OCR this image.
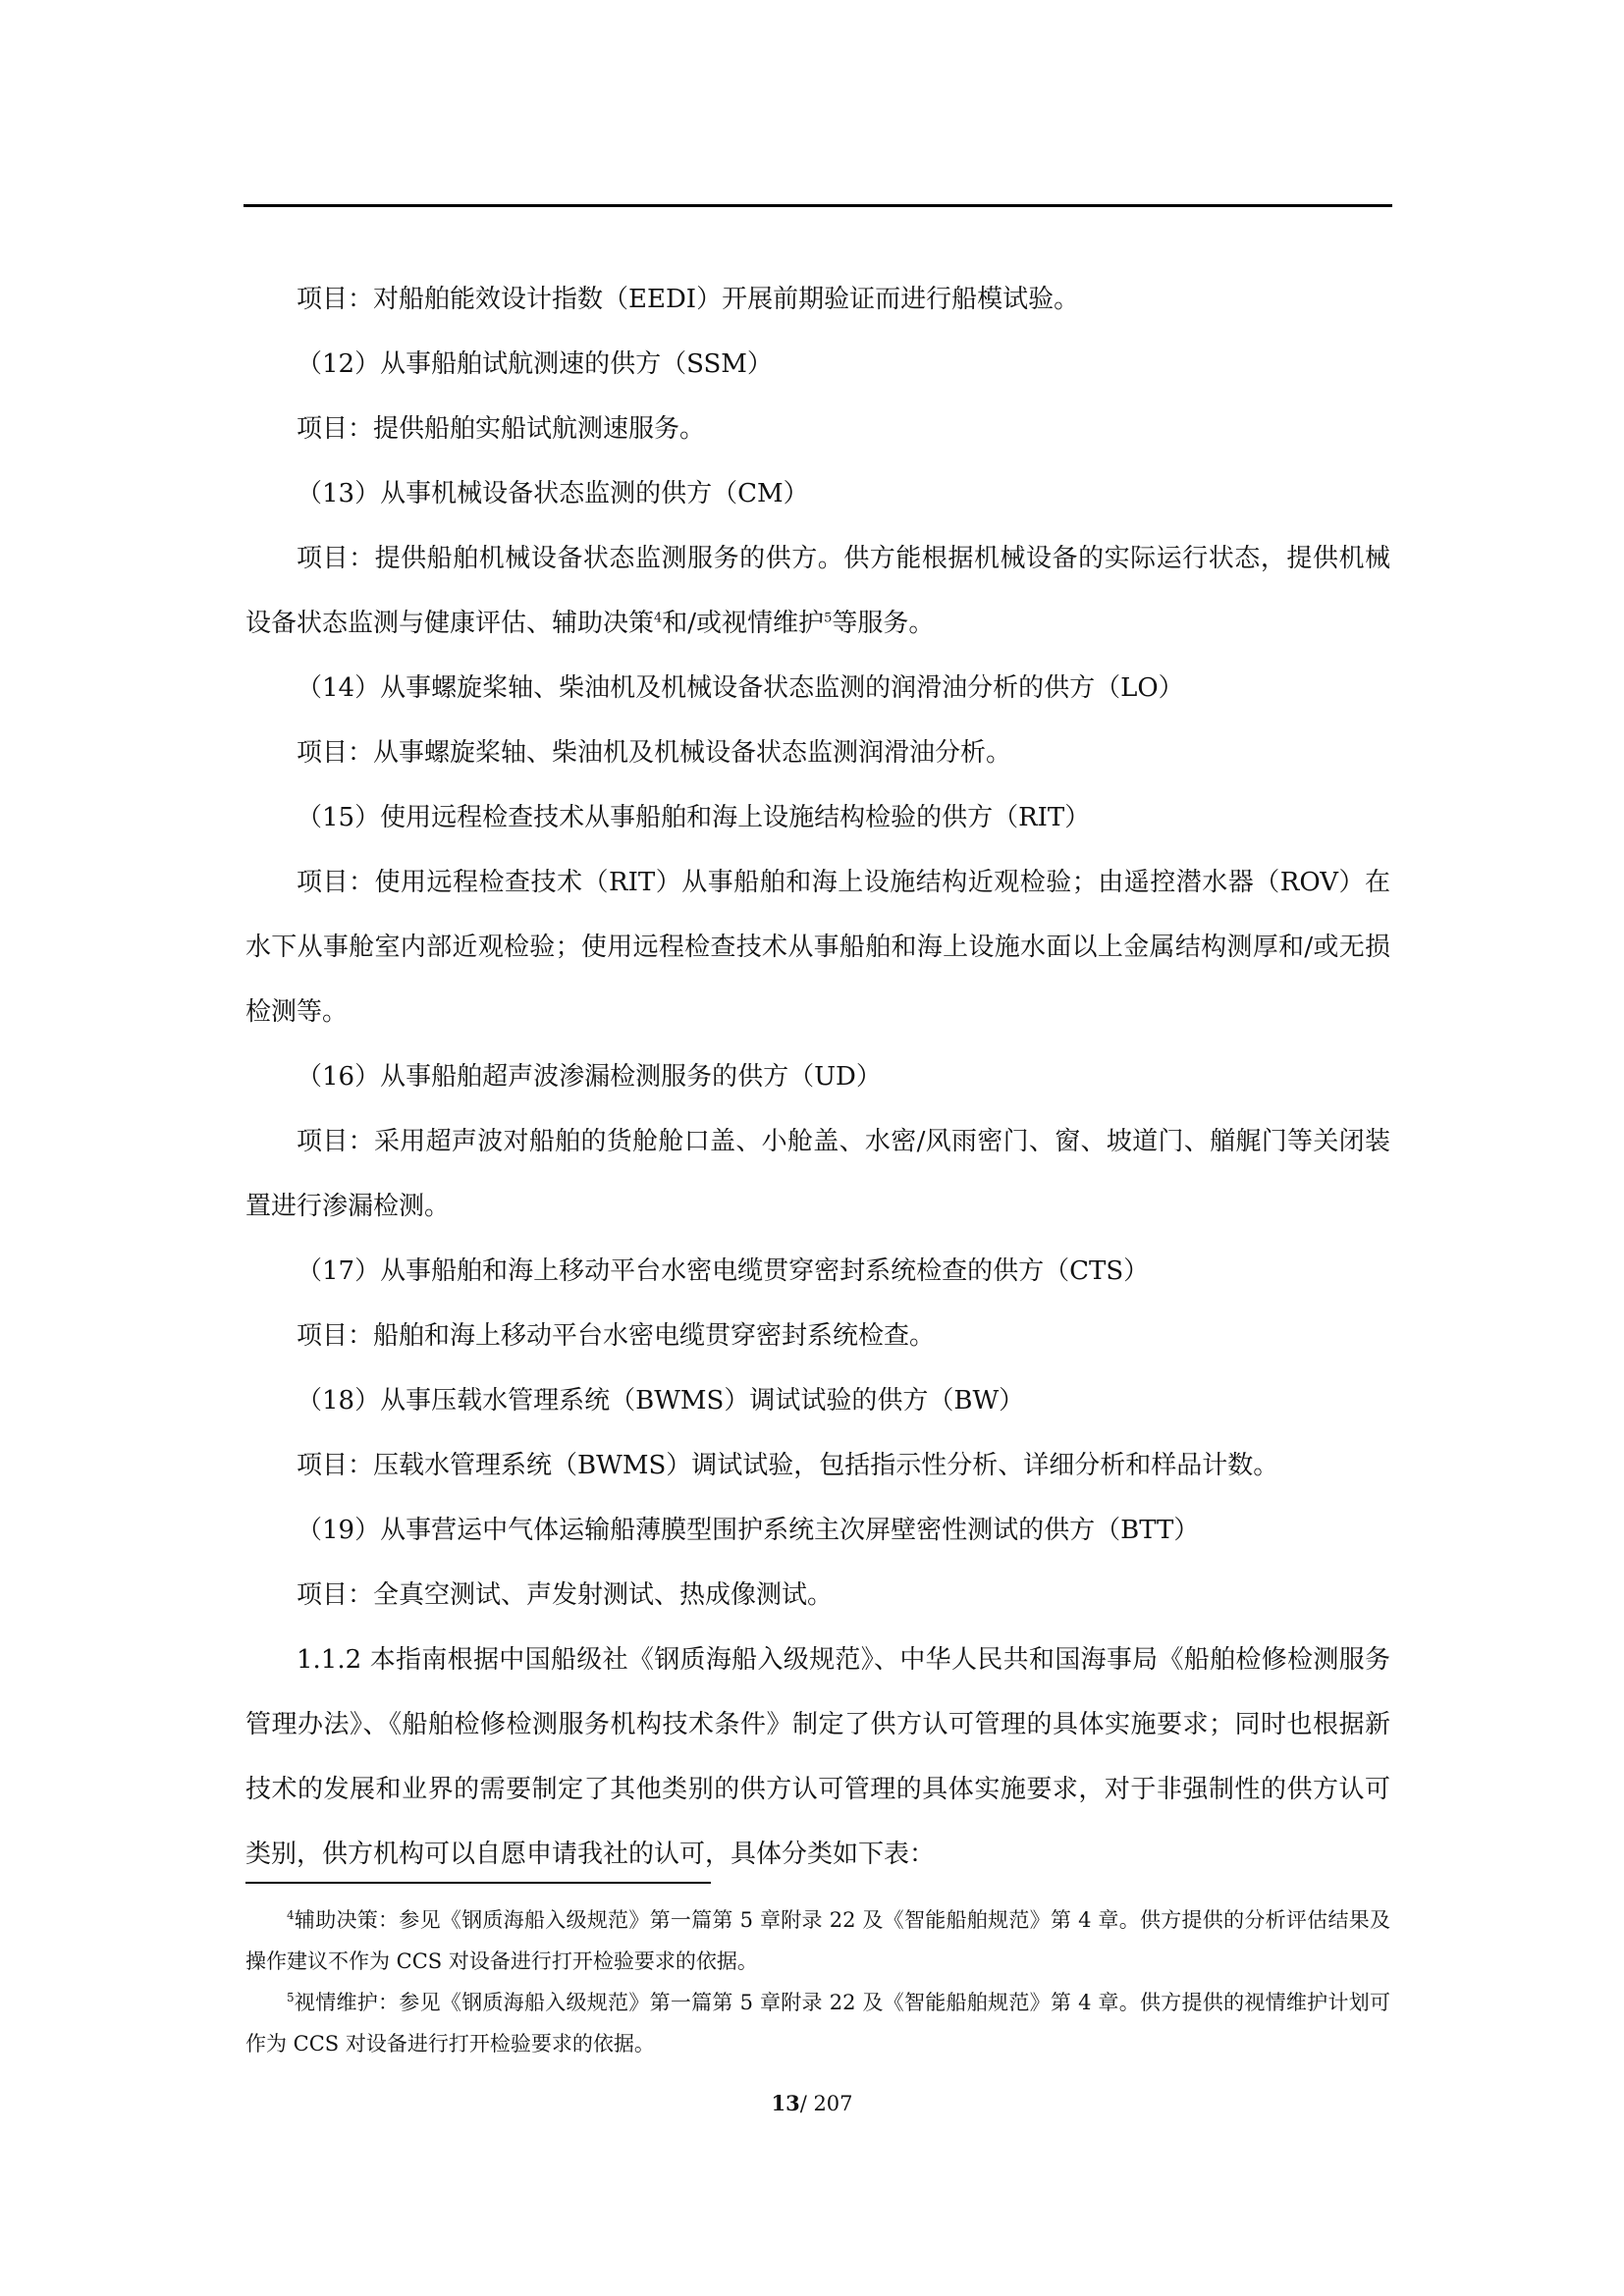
项目：对船舶能效设计指数（EEDI）开展前期验证而进行船模试验。

（12）从事船舶试航测速的供方（SSM）

项目：提供船舶实船试航测速服务。

（13）从事机械设备状态监测的供方（CM）

项目：提供船舶机械设备状态监测服务的供方。供方能根据机械设备的实际运行状态，提供机械设备状态监测与健康评估、辅助决策$^4$和/或视情维护$^5$等服务。

（14）从事螺旋桨轴、柴油机及机械设备状态监测的润滑油分析的供方（LO）

项目：从事螺旋桨轴、柴油机及机械设备状态监测润滑油分析。

（15）使用远程检查技术从事船舶和海上设施结构检验的供方（RIT）

项目：使用远程检查技术（RIT）从事船舶和海上设施结构近观检验；由遥控潜水器（ROV）在水下从事舱室内部近观检验；使用远程检查技术从事船舶和海上设施水面以上金属结构测厚和/或无损检测等。

（16）从事船舶超声波渗漏检测服务的供方（UD）

项目：采用超声波对船舶的货舱舱口盖、小舱盖、水密/风雨密门、窗、坡道门、艏艉门等关闭装置进行渗漏检测。

（17）从事船舶和海上移动平台水密电缆贯穿密封系统检查的供方（CTS）

项目：船舶和海上移动平台水密电缆贯穿密封系统检查。

（18）从事压载水管理系统（BWMS）调试试验的供方（BW）

项目：压载水管理系统（BWMS）调试试验，包括指示性分析、详细分析和样品计数。

（19）从事营运中气体运输船薄膜型围护系统主次屏壁密性测试的供方（BTT）

项目：全真空测试、声发射测试、热成像测试。

1.1.2 本指南根据中国船级社《钢质海船入级规范》、中华人民共和国海事局《船舶检修检测服务管理办法》、《船舶检修检测服务机构技术条件》制定了供方认可管理的具体实施要求；同时也根据新技术的发展和业界的需要制定了其他类别的供方认可管理的具体实施要求，对于非强制性的供方认可类别，供方机构可以自愿申请我社的认可，具体分类如下表：

$^4$辅助决策：参见《钢质海船入级规范》第一篇第 5 章附录 22 及《智能船舶规范》第 4 章。供方提供的分析评估结果及操作建议不作为 CCS 对设备进行打开检验要求的依据。

$^5$视情维护：参见《钢质海船入级规范》第一篇第 5 章附录 22 及《智能船舶规范》第 4 章。供方提供的视情维护计划可作为 CCS 对设备进行打开检验要求的依据。

13/ 207
